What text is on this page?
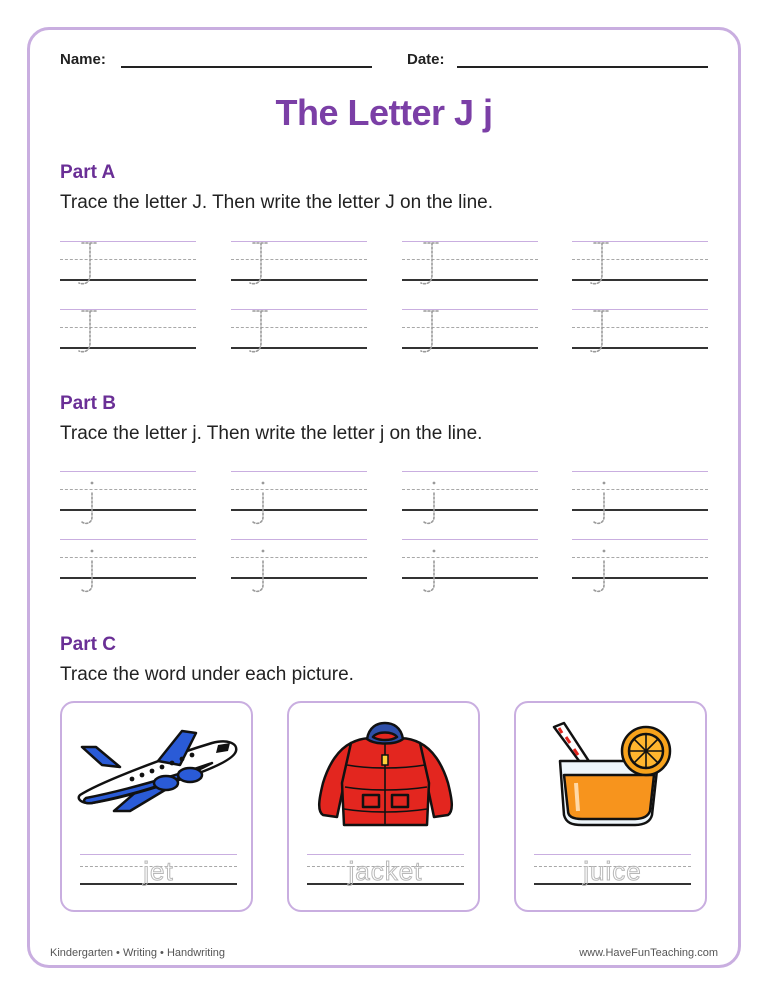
Name:	Date:
The Letter J j
Part A
Trace the letter J. Then write the letter J on the line.
Part B
Trace the letter j. Then write the letter j on the line.
Part C
Trace the word under each picture.
jet	jacket	juice
Kindergarten • Writing • Handwriting	www.HaveFunTeaching.com
